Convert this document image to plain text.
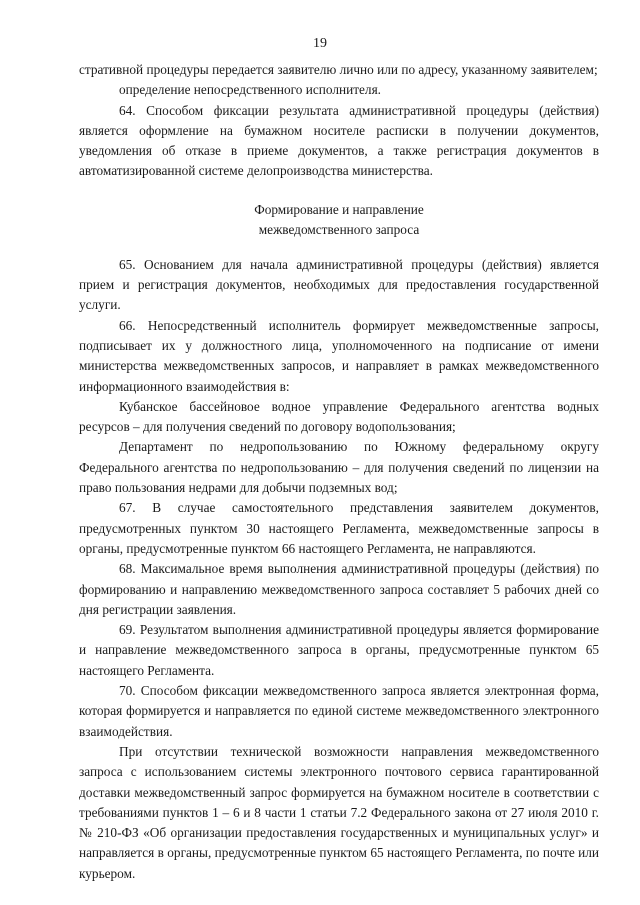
19

стративной процедуры передается заявителю лично или по адресу, указанному заявителем;

определение непосредственного исполнителя.

64. Способом фиксации результата административной процедуры (действия) является оформление на бумажном носителе расписки в получении документов, уведомления об отказе в приеме документов, а также регистрация документов в автоматизированной системе делопроизводства министерства.

Формирование и направление
межведомственного запроса

65. Основанием для начала административной процедуры (действия) является прием и регистрация документов, необходимых для предоставления государственной услуги.

66. Непосредственный исполнитель формирует межведомственные запросы, подписывает их у должностного лица, уполномоченного на подписание от имени министерства межведомственных запросов, и направляет в рамках межведомственного информационного взаимодействия в:

Кубанское бассейновое водное управление Федерального агентства водных ресурсов – для получения сведений по договору водопользования;

Департамент по недропользованию по Южному федеральному округу Федерального агентства по недропользованию – для получения сведений по лицензии на право пользования недрами для добычи подземных вод;

67. В случае самостоятельного представления заявителем документов, предусмотренных пунктом 30 настоящего Регламента, межведомственные запросы в органы, предусмотренные пунктом 66 настоящего Регламента, не направляются.

68. Максимальное время выполнения административной процедуры (действия) по формированию и направлению межведомственного запроса составляет 5 рабочих дней со дня регистрации заявления.

69. Результатом выполнения административной процедуры является формирование и направление межведомственного запроса в органы, предусмотренные пунктом 65 настоящего Регламента.

70. Способом фиксации межведомственного запроса является электронная форма, которая формируется и направляется по единой системе межведомственного электронного взаимодействия.

При отсутствии технической возможности направления межведомственного запроса с использованием системы электронного почтового сервиса гарантированной доставки межведомственный запрос формируется на бумажном носителе в соответствии с требованиями пунктов 1 – 6 и 8 части 1 статьи 7.2 Федерального закона от 27 июля 2010 г. № 210-ФЗ «Об организации предоставления государственных и муниципальных услуг» и направляется в органы, предусмотренные пунктом 65 настоящего Регламента, по почте или курьером.
